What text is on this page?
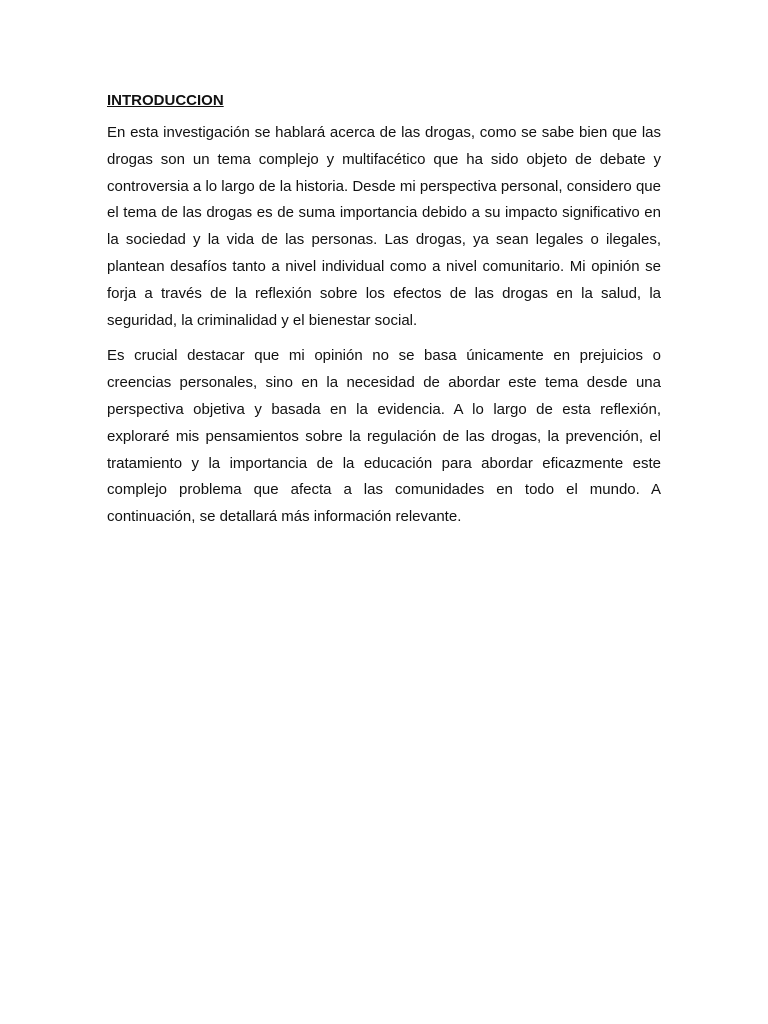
INTRODUCCION

En esta investigación se hablará acerca de las drogas, como se sabe bien que las drogas son un tema complejo y multifacético que ha sido objeto de debate y controversia a lo largo de la historia. Desde mi perspectiva personal, considero que el tema de las drogas es de suma importancia debido a su impacto significativo en la sociedad y la vida de las personas. Las drogas, ya sean legales o ilegales, plantean desafíos tanto a nivel individual como a nivel comunitario. Mi opinión se forja a través de la reflexión sobre los efectos de las drogas en la salud, la seguridad, la criminalidad y el bienestar social.

Es crucial destacar que mi opinión no se basa únicamente en prejuicios o creencias personales, sino en la necesidad de abordar este tema desde una perspectiva objetiva y basada en la evidencia. A lo largo de esta reflexión, exploraré mis pensamientos sobre la regulación de las drogas, la prevención, el tratamiento y la importancia de la educación para abordar eficazmente este complejo problema que afecta a las comunidades en todo el mundo. A continuación, se detallará más información relevante.
